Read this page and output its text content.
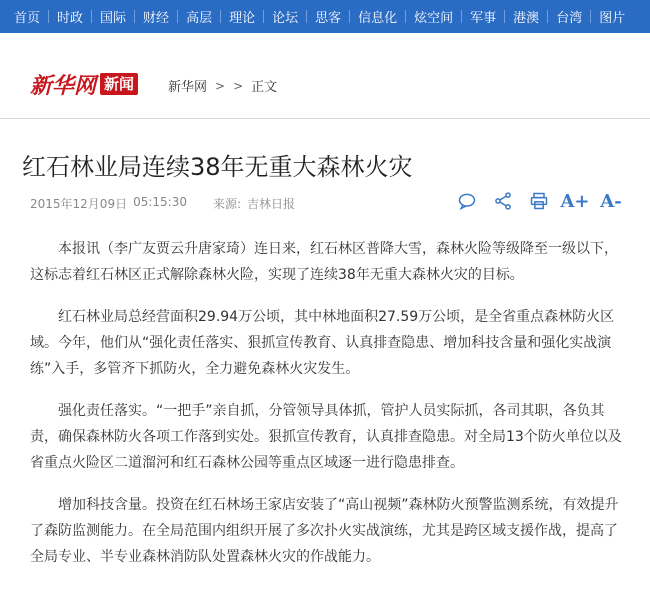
首页 时政 国际 财经 高层 理论 论坛 思客 信息化 炫空间 军事 港澳 台湾 图片
新华网 新闻	新华网 > > 正文
红石林业局连续38年无重大森林火灾
2015年12月09日 05:15:30 来源: 吉林日报	A+ A-

本报讯（李广友贾云升唐家琦）连日来，红石林区普降大雪，森林火险等级降至一级以下，这标志着红石林区正式解除森林火险，实现了连续38年无重大森林火灾的目标。

红石林业局总经营面积29.94万公顷，其中林地面积27.59万公顷，是全省重点森林防火区域。今年，他们从“强化责任落实、狠抓宣传教育、认真排查隐患、增加科技含量和强化实战演练”入手，多管齐下抓防火，全力避免森林火灾发生。

强化责任落实。“一把手”亲自抓，分管领导具体抓，管护人员实际抓，各司其职，各负其责，确保森林防火各项工作落到实处。狠抓宣传教育，认真排查隐患。对全局13个防火单位以及省重点火险区二道溜河和红石森林公园等重点区域逐一进行隐患排查。

增加科技含量。投资在红石林场王家店安装了“高山视频”森林防火预警监测系统，有效提升了森防监测能力。在全局范围内组织开展了多次扑火实战演练，尤其是跨区域支援作战，提高了全局专业、半专业森林消防队处置森林火灾的作战能力。
